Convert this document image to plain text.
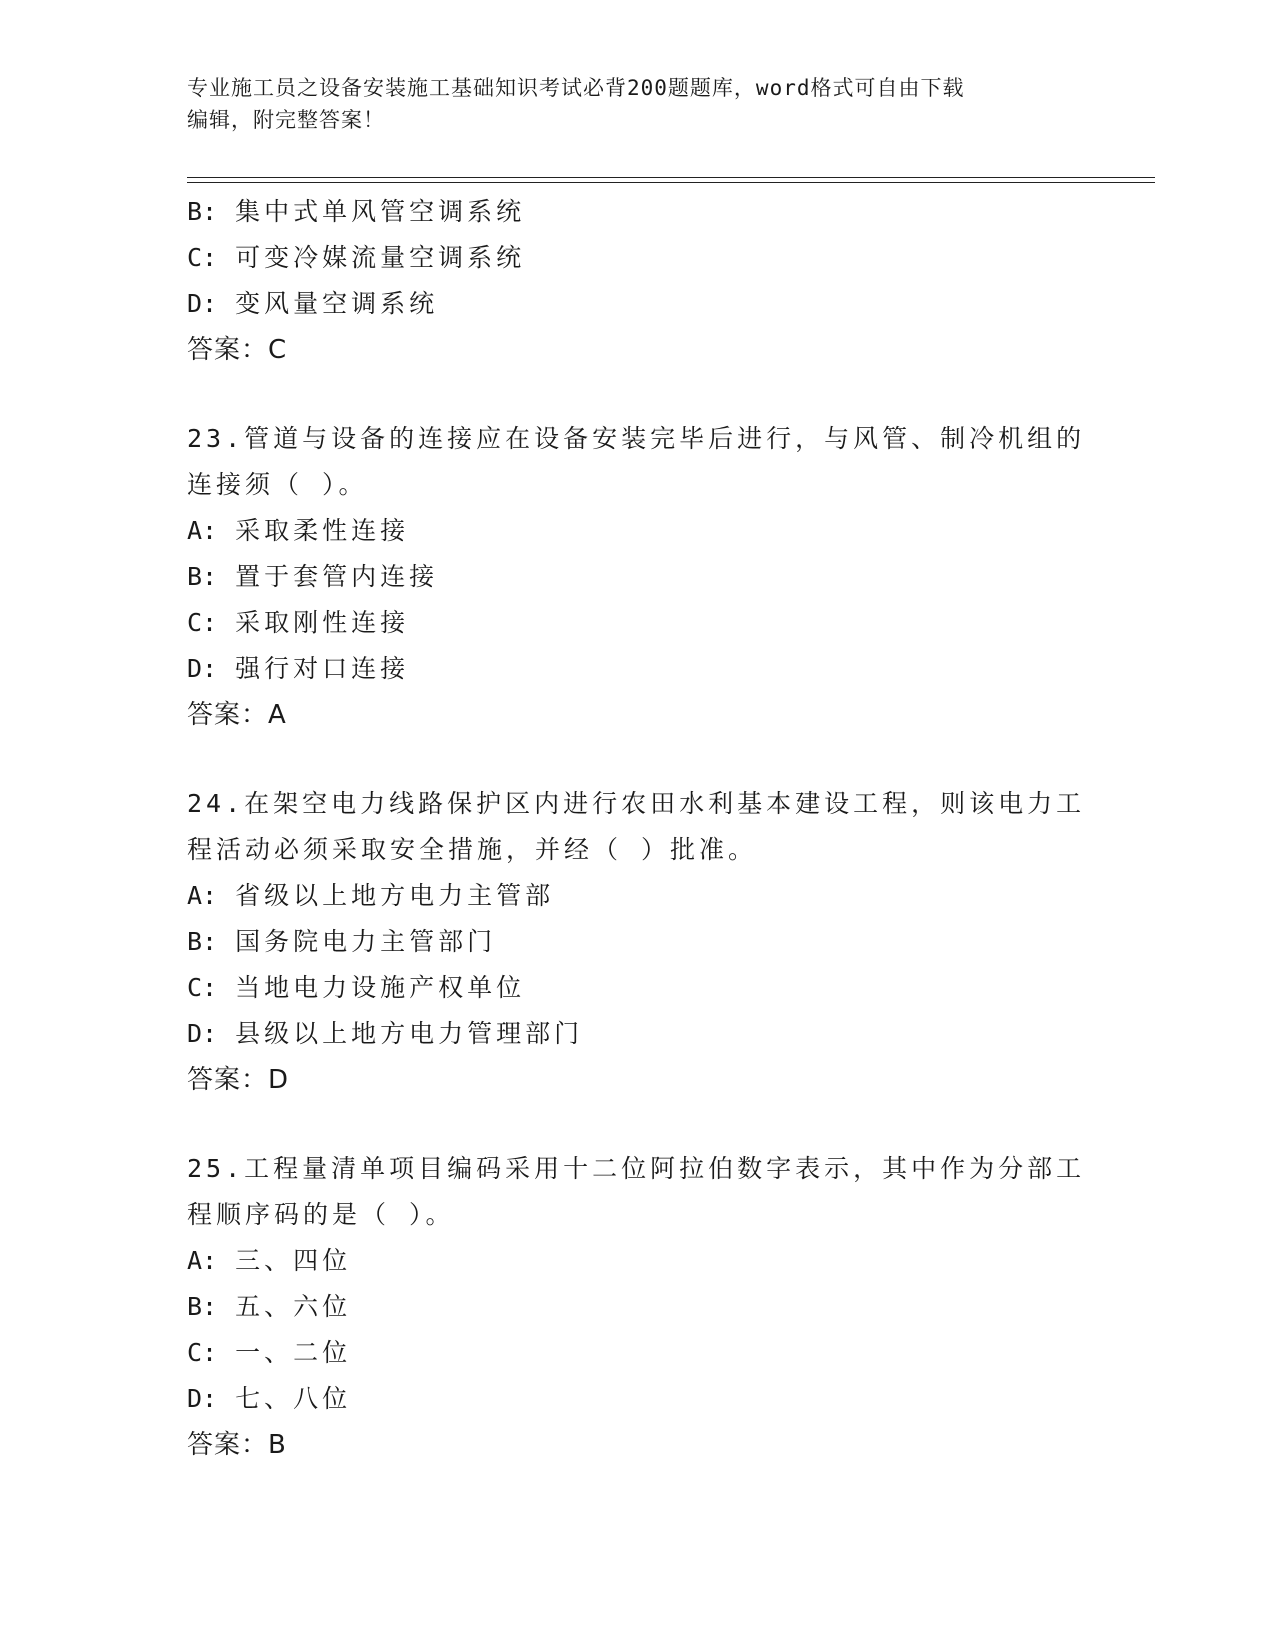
专业施工员之设备安装施工基础知识考试必背200题题库，word格式可自由下载
编辑，附完整答案！
B: 集中式单风管空调系统
C: 可变冷媒流量空调系统
D: 变风量空调系统
答案：C
23.管道与设备的连接应在设备安装完毕后进行，与风管、制冷机组的
连接须（ ）。
A: 采取柔性连接
B: 置于套管内连接
C: 采取刚性连接
D: 强行对口连接
答案：A
24.在架空电力线路保护区内进行农田水利基本建设工程，则该电力工
程活动必须采取安全措施，并经（ ）批准。
A: 省级以上地方电力主管部
B: 国务院电力主管部门
C: 当地电力设施产权单位
D: 县级以上地方电力管理部门
答案：D
25.工程量清单项目编码采用十二位阿拉伯数字表示，其中作为分部工
程顺序码的是（ ）。
A: 三、四位
B: 五、六位
C: 一、二位
D: 七、八位
答案：B
